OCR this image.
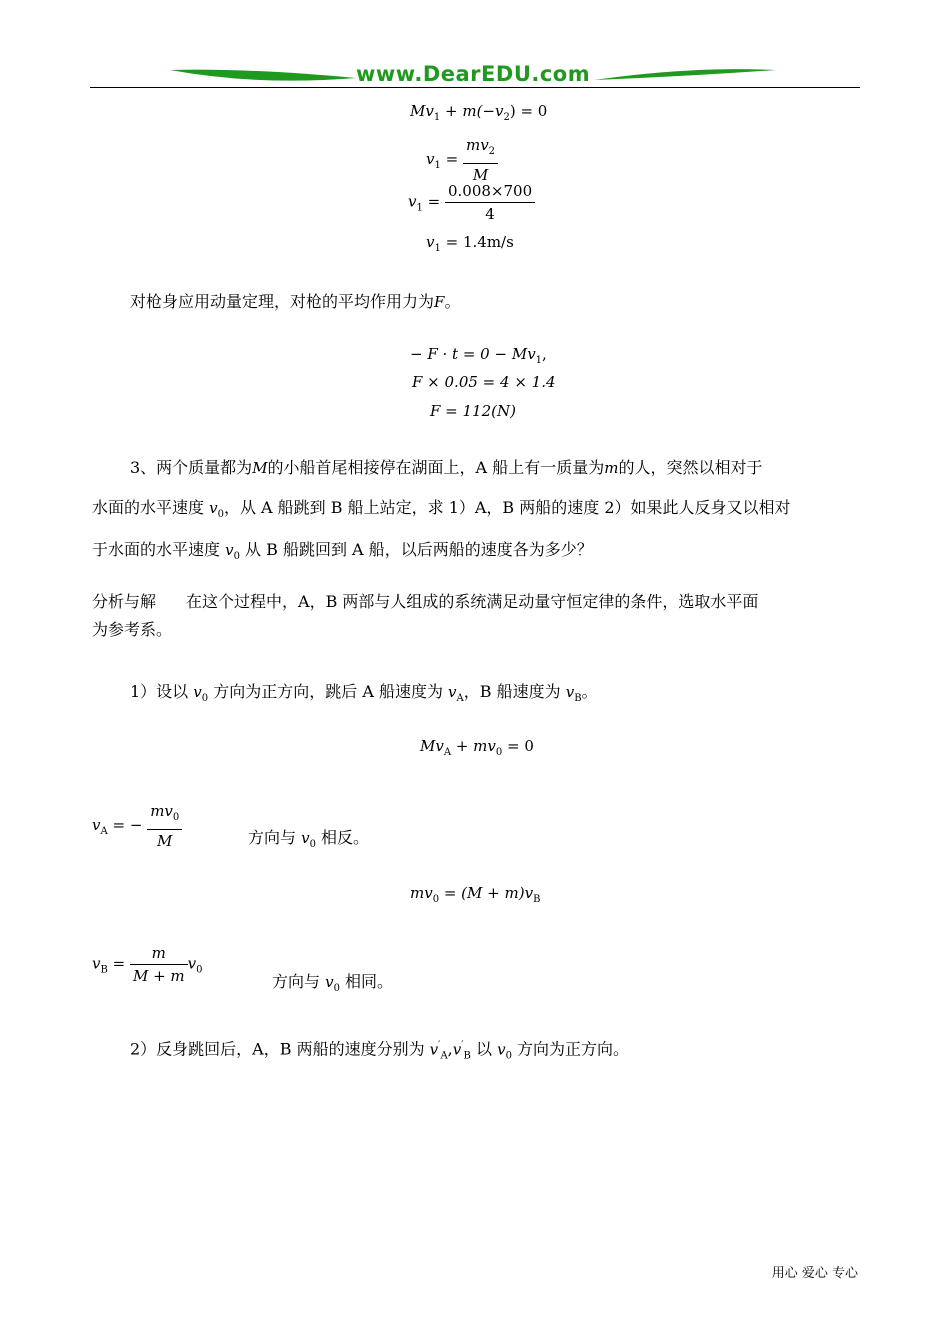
www.DearEDU.com
$Mv_1 + m(-v_2) = 0$
$v_1 = \frac{mv_2}{M}$
$v_1 = \frac{0.008\times 700}{4}$
$v_1 = 1.4m/s$
对枪身应用动量定理，对枪的平均作用力为F。
− $F \cdot t = 0 - Mv_1$,
F × 0.05 = 4 × 1.4
F = 112(N)
3、两个质量都为M的小船首尾相接停在湖面上，A 船上有一质量为m的人，突然以相对于
水面的水平速度 $v_0$，从 A 船跳到 B 船上站定，求 1）A，B 两船的速度 2）如果此人反身又以相对
于水面的水平速度 $v_0$ 从 B 船跳回到 A 船，以后两船的速度各为多少？
分析与解 在这个过程中，A，B 两部与人组成的系统满足动量守恒定律的条件，选取水平面
为参考系。
1）设以 $v_0$ 方向为正方向，跳后 A 船速度为 $v_A$，B 船速度为 $v_B$。
$Mv_A + mv_0 = 0$
$v_A$ = − $\frac{mv_0}{M}$	方向与 $v_0$ 相反。
$mv_0 = (M + m)v_B$
$v_B = \frac{m}{M + m} v_0$
方向与 $v_0$ 相同。
2）反身跳回后，A，B 两船的速度分别为 $v'_A,v'_B$ 以 $v_0$ 方向为正方向。
用心 爱心 专心
